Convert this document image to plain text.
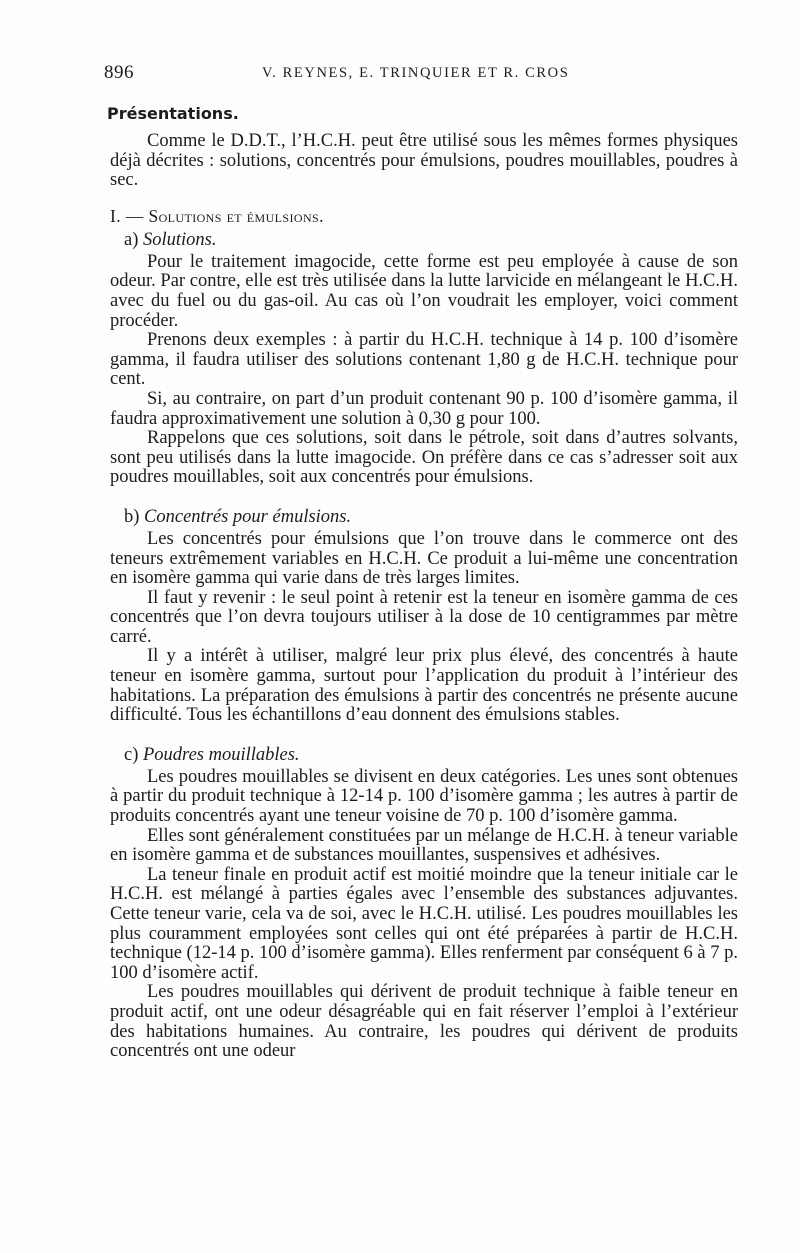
896	V. REYNES, E. TRINQUIER ET R. CROS
Présentations.

Comme le D.D.T., l’H.C.H. peut être utilisé sous les mêmes formes physiques déjà décrites : solutions, concentrés pour émulsions, poudres mouillables, poudres à sec.

I. — Solutions et émulsions.
a) Solutions.

Pour le traitement imagocide, cette forme est peu employée à cause de son odeur. Par contre, elle est très utilisée dans la lutte larvicide en mélangeant le H.C.H. avec du fuel ou du gas-oil. Au cas où l’on voudrait les employer, voici comment procéder.

Prenons deux exemples : à partir du H.C.H. technique à 14 p. 100 d’isomère gamma, il faudra utiliser des solutions contenant 1,80 g de H.C.H. technique pour cent.

Si, au contraire, on part d’un produit contenant 90 p. 100 d’isomère gamma, il faudra approximativement une solution à 0,30 g pour 100.

Rappelons que ces solutions, soit dans le pétrole, soit dans d’autres solvants, sont peu utilisés dans la lutte imagocide. On préfère dans ce cas s’adresser soit aux poudres mouillables, soit aux concentrés pour émulsions.

b) Concentrés pour émulsions.

Les concentrés pour émulsions que l’on trouve dans le commerce ont des teneurs extrêmement variables en H.C.H. Ce produit a lui-même une concentration en isomère gamma qui varie dans de très larges limites.

Il faut y revenir : le seul point à retenir est la teneur en isomère gamma de ces concentrés que l’on devra toujours utiliser à la dose de 10 centigrammes par mètre carré.

Il y a intérêt à utiliser, malgré leur prix plus élevé, des concentrés à haute teneur en isomère gamma, surtout pour l’application du produit à l’intérieur des habitations. La préparation des émulsions à partir des concentrés ne présente aucune difficulté. Tous les échantillons d’eau donnent des émulsions stables.

c) Poudres mouillables.

Les poudres mouillables se divisent en deux catégories. Les unes sont obtenues à partir du produit technique à 12-14 p. 100 d’isomère gamma ; les autres à partir de produits concentrés ayant une teneur voisine de 70 p. 100 d’isomère gamma.

Elles sont généralement constituées par un mélange de H.C.H. à teneur variable en isomère gamma et de substances mouillantes, suspensives et adhésives.

La teneur finale en produit actif est moitié moindre que la teneur initiale car le H.C.H. est mélangé à parties égales avec l’ensemble des substances adjuvantes. Cette teneur varie, cela va de soi, avec le H.C.H. utilisé. Les poudres mouillables les plus couramment employées sont celles qui ont été préparées à partir de H.C.H. technique (12-14 p. 100 d’isomère gamma). Elles renferment par conséquent 6 à 7 p. 100 d’isomère actif.

Les poudres mouillables qui dérivent de produit technique à faible teneur en produit actif, ont une odeur désagréable qui en fait réserver l’emploi à l’extérieur des habitations humaines. Au contraire, les poudres qui dérivent de produits concentrés ont une odeur
